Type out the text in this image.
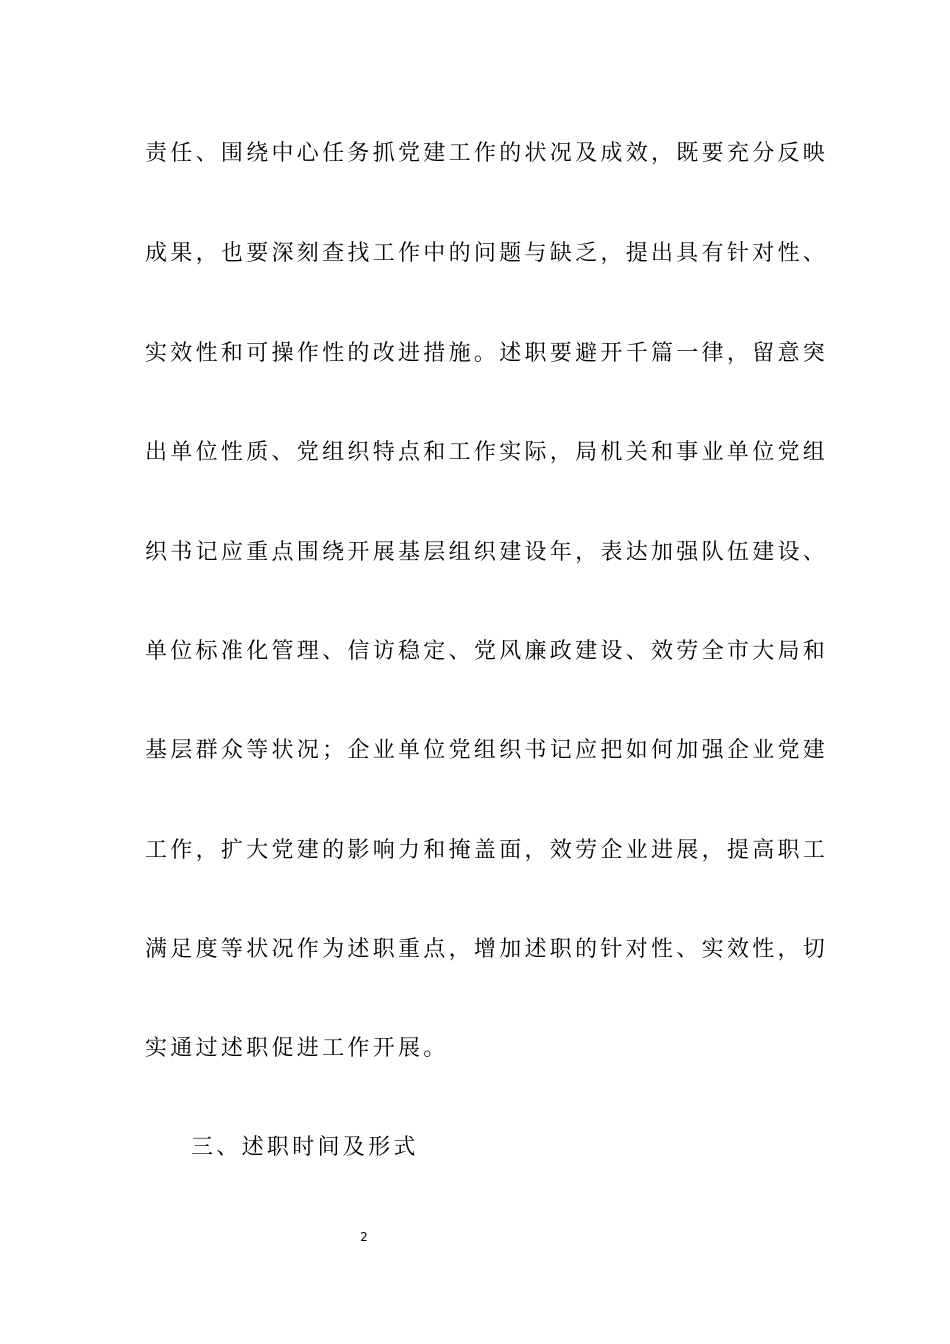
责任、围绕中心任务抓党建工作的状况及成效，既要充分反映
成果，也要深刻查找工作中的问题与缺乏，提出具有针对性、
实效性和可操作性的改进措施。述职要避开千篇一律，留意突
出单位性质、党组织特点和工作实际，局机关和事业单位党组
织书记应重点围绕开展基层组织建设年，表达加强队伍建设、
单位标准化管理、信访稳定、党风廉政建设、效劳全市大局和
基层群众等状况；企业单位党组织书记应把如何加强企业党建
工作，扩大党建的影响力和掩盖面，效劳企业进展，提高职工
满足度等状况作为述职重点，增加述职的针对性、实效性，切
实通过述职促进工作开展。
三、述职时间及形式
2
